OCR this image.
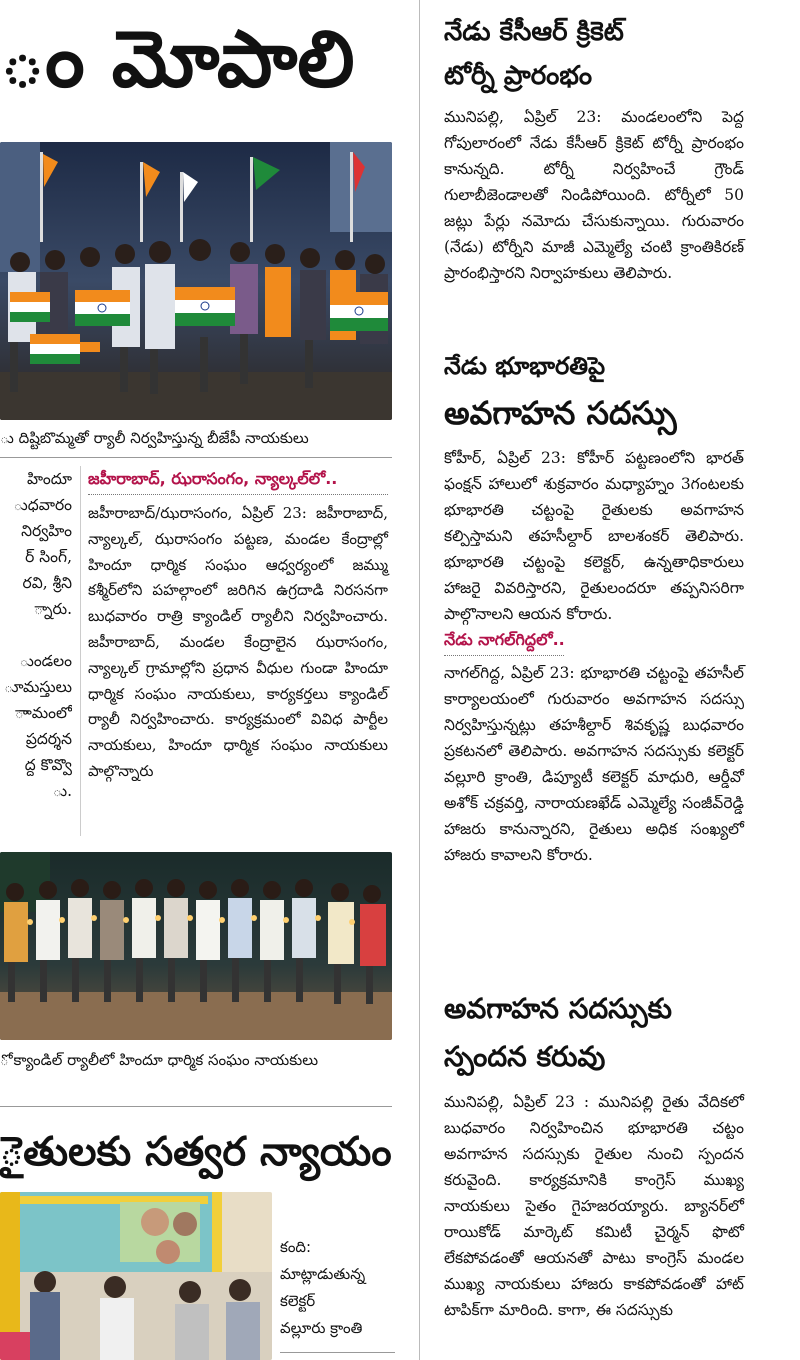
ం మోపాలి
ు దిష్టిబొమ్మతో ర్యాలీ నిర్వహిస్తున్న బీజేపీ నాయకులు
హిందూ
ుధవారం
నిర్వహిం
ర్ సింగ్,
రవి, శ్రీని
్నారు.
ుండలం
ూమస్తులు
ాామంలో
ప్రదర్శన
ద్ద కొవ్వొ
ు.
జహీరాబాద్, ఝరాసంగం, న్యాల్కల్‌లో..

జహీరాబాద్/ఝరాసంగం, ఏప్రిల్ 23: జహీరాబాద్, న్యాల్కల్, ఝరాసంగం పట్టణ, మండల కేంద్రాల్లో హిందూ ధార్మిక సంఘం ఆధ్వర్యంలో జమ్ము కశ్మీర్‌లోని పహల్గాంలో జరిగిన ఉగ్రదాడి నిరసనగా బుధవారం రాత్రి క్యాండిల్ ర్యాలీని నిర్వహించారు. జహీరాబాద్, మండల కేంద్రాలైన ఝరాసంగం, న్యాల్కల్ గ్రామాల్లోని ప్రధాన వీధుల గుండా హిందూ ధార్మిక సంఘం నాయకులు, కార్యకర్తలు క్యాండిల్ ర్యాలీ నిర్వహించారు. కార్యక్రమంలో వివిధ పార్టీల నాయకులు, హిందూ ధార్మిక సంఘం నాయకులు పాల్గొన్నారు

ో క్యాండిల్ ర్యాలీలో హిందూ ధార్మిక సంఘం నాయకులు
ైతులకు సత్వర న్యాయం
కంది:
మాట్లాడుతున్న
కలెక్టర్
వల్లూరు క్రాంతి
నేడు కేసీఆర్ క్రికెట్
టోర్నీ ప్రారంభం

మునిపల్లి, ఏప్రిల్ 23: మండలంలోని పెద్ద గోపులారంలో నేడు కేసీఆర్ క్రికెట్ టోర్నీ ప్రారంభం కానున్నది. టోర్నీ నిర్వహించే గ్రౌండ్ గులాబీజెండాలతో నిండిపోయింది. టోర్నీలో 50 జట్లు పేర్లు నమోదు చేసుకున్నాయి. గురువారం (నేడు) టోర్నీని మాజీ ఎమ్మెల్యే చంటి క్రాంతికిరణ్ ప్రారంభిస్తారని నిర్వాహకులు తెలిపారు.

నేడు భూభారతిపై
అవగాహన సదస్సు

కోహీర్, ఏప్రిల్ 23: కోహీర్ పట్టణంలోని భారత్ ఫంక్షన్ హాలులో శుక్రవారం మధ్యాహ్నం 3గంటలకు భూభారతి చట్టంపై రైతులకు అవగాహన కల్పిస్తామని తహసీల్దార్ బాలశంకర్ తెలిపారు. భూభారతి చట్టంపై కలెక్టర్, ఉన్నతాధికారులు హాజరై వివరిస్తారని, రైతులందరూ తప్పనిసరిగా పాల్గొనాలని ఆయన కోరారు.

నేడు నాగల్‌గిద్దలో..

నాగల్‌గిద్ద, ఏప్రిల్ 23: భూభారతి చట్టంపై తహసీల్ కార్యాలయంలో గురువారం అవగాహన సదస్సు నిర్వహిస్తున్నట్లు తహశీల్దార్ శివకృష్ణ బుధవారం ప్రకటనలో తెలిపారు. అవగాహన సదస్సుకు కలెక్టర్ వల్లూరి క్రాంతి, డిప్యూటీ కలెక్టర్ మాధురి, ఆర్డీవో అశోక్ చక్రవర్తి, నారాయణఖేడ్ ఎమ్మెల్యే సంజీవ్‌రెడ్డి హాజరు కానున్నారని, రైతులు అధిక సంఖ్యలో హాజరు కావాలని కోరారు.

అవగాహన సదస్సుకు
స్పందన కరువు

మునిపల్లి, ఏప్రిల్ 23 : మునిపల్లి రైతు వేదికలో బుధవారం నిర్వహించిన భూభారతి చట్టం అవగాహన సదస్సుకు రైతుల నుంచి స్పందన కరువైంది. కార్యక్రమానికి కాంగ్రెస్ ముఖ్య నాయకులు సైతం గైహజరయ్యారు. బ్యానర్‌లో రాయికోడ్ మార్కెట్ కమిటీ చైర్మన్ ఫొటో లేకపోవడంతో ఆయనతో పాటు కాంగ్రెస్ మండల ముఖ్య నాయకులు హాజరు కాకపోవడంతో హాట్ టాపిక్‌గా మారింది. కాగా, ఈ సదస్సుకు
